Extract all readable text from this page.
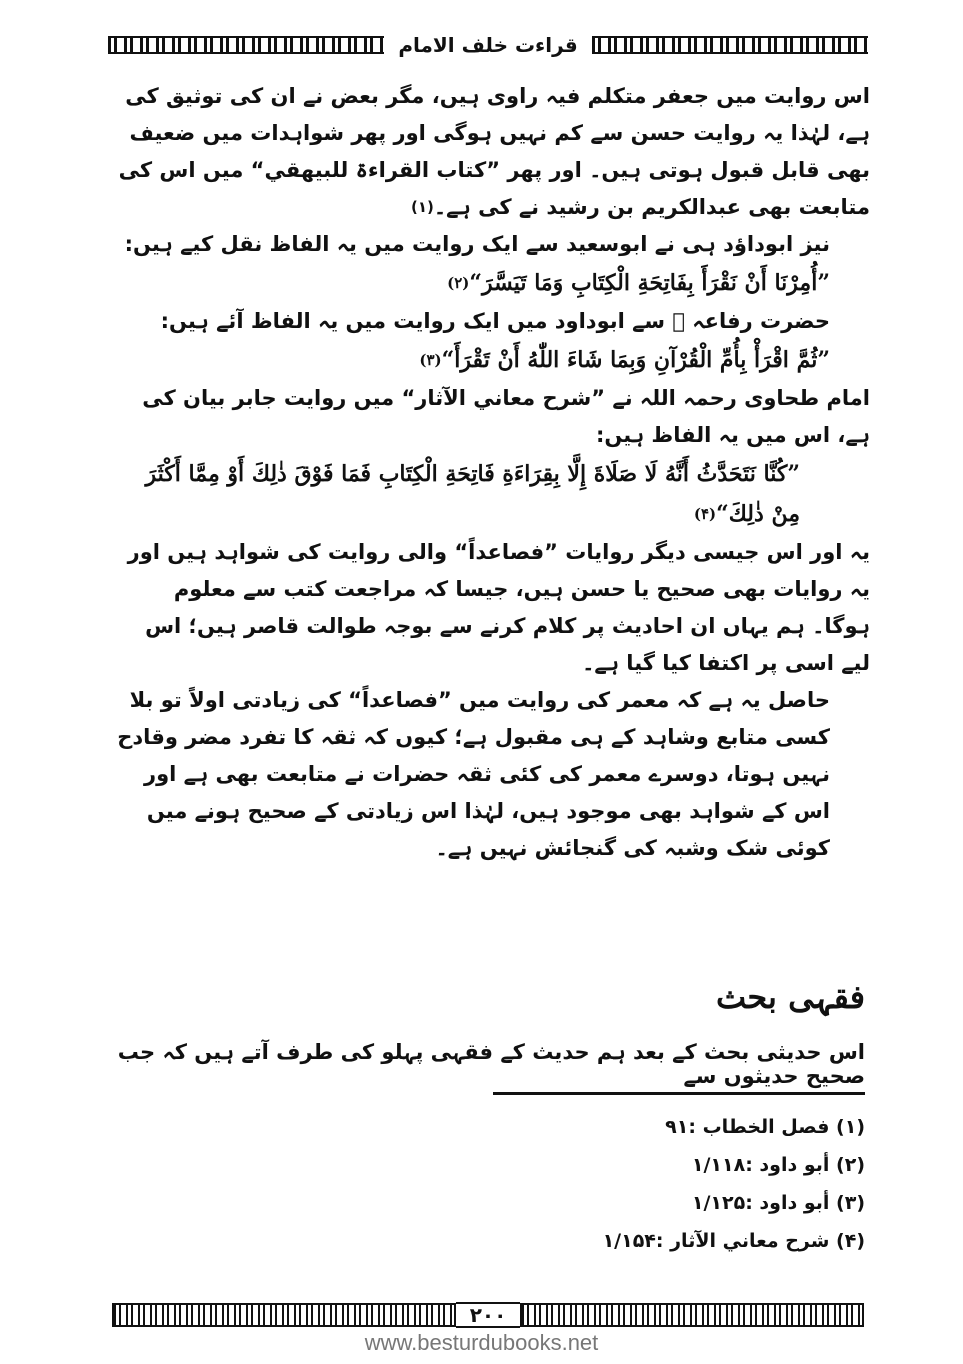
قراءت خلف الامام

اس روایت میں جعفر متکلم فیہ راوی ہیں، مگر بعض نے ان کی توثیق کی ہے، لہٰذا یہ روایت حسن سے کم نہیں ہوگی اور پھر شواہدات میں ضعیف بھی قابل قبول ہوتی ہیں۔ اور پھر ”کتاب القراءۃ للبیهقي“ میں اس کی متابعت بھی عبدالکریم بن رشید نے کی ہے۔$^{(۱)}$

نیز ابوداؤد ہی نے ابوسعید سے ایک روایت میں یہ الفاظ نقل کیے ہیں:

”أُمِرْنَا أَنْ نَقْرَأَ بِفَاتِحَةِ الْكِتَابِ وَمَا تَيَسَّرَ“$^{(۲)}$

حضرت رفاعہ ﷛ سے ابوداود میں ایک روایت میں یہ الفاظ آئے ہیں:

”ثُمَّ اقْرَأْ بِأُمِّ الْقُرْآنِ وَبِمَا شَاءَ اللّٰهُ أَنْ تَقْرَأَ“$^{(۳)}$

امام طحاوی رحمہ اللہ نے ”شرح معاني الآثار“ میں روایت جابر بیان کی ہے، اس میں یہ الفاظ ہیں:

”كُنَّا نَتَحَدَّثُ أَنَّهُ لَا صَلَاةَ إِلَّا بِقِرَاءَةِ فَاتِحَةِ الْكِتَابِ فَمَا فَوْقَ ذٰلِكَ أَوْ مِمَّا أَكْثَرَ مِنْ ذٰلِكَ“$^{(۴)}$

یہ اور اس جیسی دیگر روایات ”فصاعداً“ والی روایت کی شواہد ہیں اور یہ روایات بھی صحیح یا حسن ہیں، جیسا کہ مراجعت کتب سے معلوم ہوگا۔ ہم یہاں ان احادیث پر کلام کرنے سے بوجہ طوالت قاصر ہیں؛ اس لیے اسی پر اکتفا کیا گیا ہے۔

حاصل یہ ہے کہ معمر کی روایت میں ”فصاعداً“ کی زیادتی اولاً تو بلا کسی متابع وشاہد کے ہی مقبول ہے؛ کیوں کہ ثقہ کا تفرد مضر وقادح نہیں ہوتا، دوسرے معمر کی کئی ثقہ حضرات نے متابعت بھی ہے اور اس کے شواہد بھی موجود ہیں، لہٰذا اس زیادتی کے صحیح ہونے میں کوئی شک وشبہ کی گنجائش نہیں ہے۔

فقہی بحث
اس حدیثی بحث کے بعد ہم حدیث کے فقہی پہلو کی طرف آتے ہیں کہ جب صحیح حدیثوں سے
(۱) فصل الخطاب :۹۱
(۲) أبو داود :۱/۱۱۸
(۳) أبو داود :۱/۱۲۵
(۴) شرح معاني الآثار :۱/۱۵۴
۲۰۰
www.besturdubooks.net
